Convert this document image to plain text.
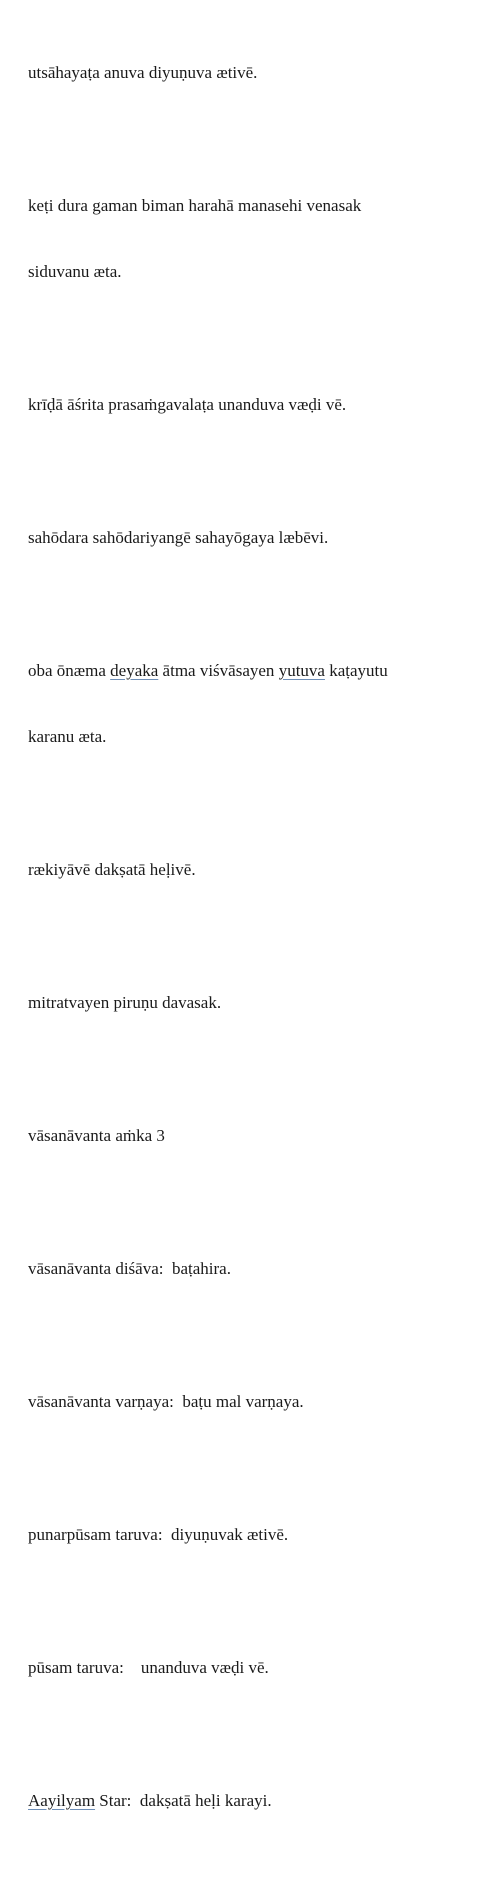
utsāhayaṭa anuva diyuṇuva ætivē.

keṭi dura gaman biman harahā manasehi venasak

siduvanu æta.

krīḍā āśrita prasaṁgavalaṭa unanduva væḍi vē.

sahōdara sahōdariyangē sahayōgaya læbēvi.

oba ōnæma deyaka ātma viśvāsayen yutuva kaṭayutu

karanu æta.

rækiyāvē dakṣatā heḷivē.

mitratvayen piruṇu davasak.

vāsanāvanta aṁka 3

vāsanāvanta diśāva:  baṭahira.

vāsanāvanta varṇaya:  baṭu mal varṇaya.

punarpūsam taruva:  diyuṇuvak ætivē.

pūsam taruva:    unanduva væḍi vē.

Aayilyam Star:  dakṣatā heḷi karayi.
